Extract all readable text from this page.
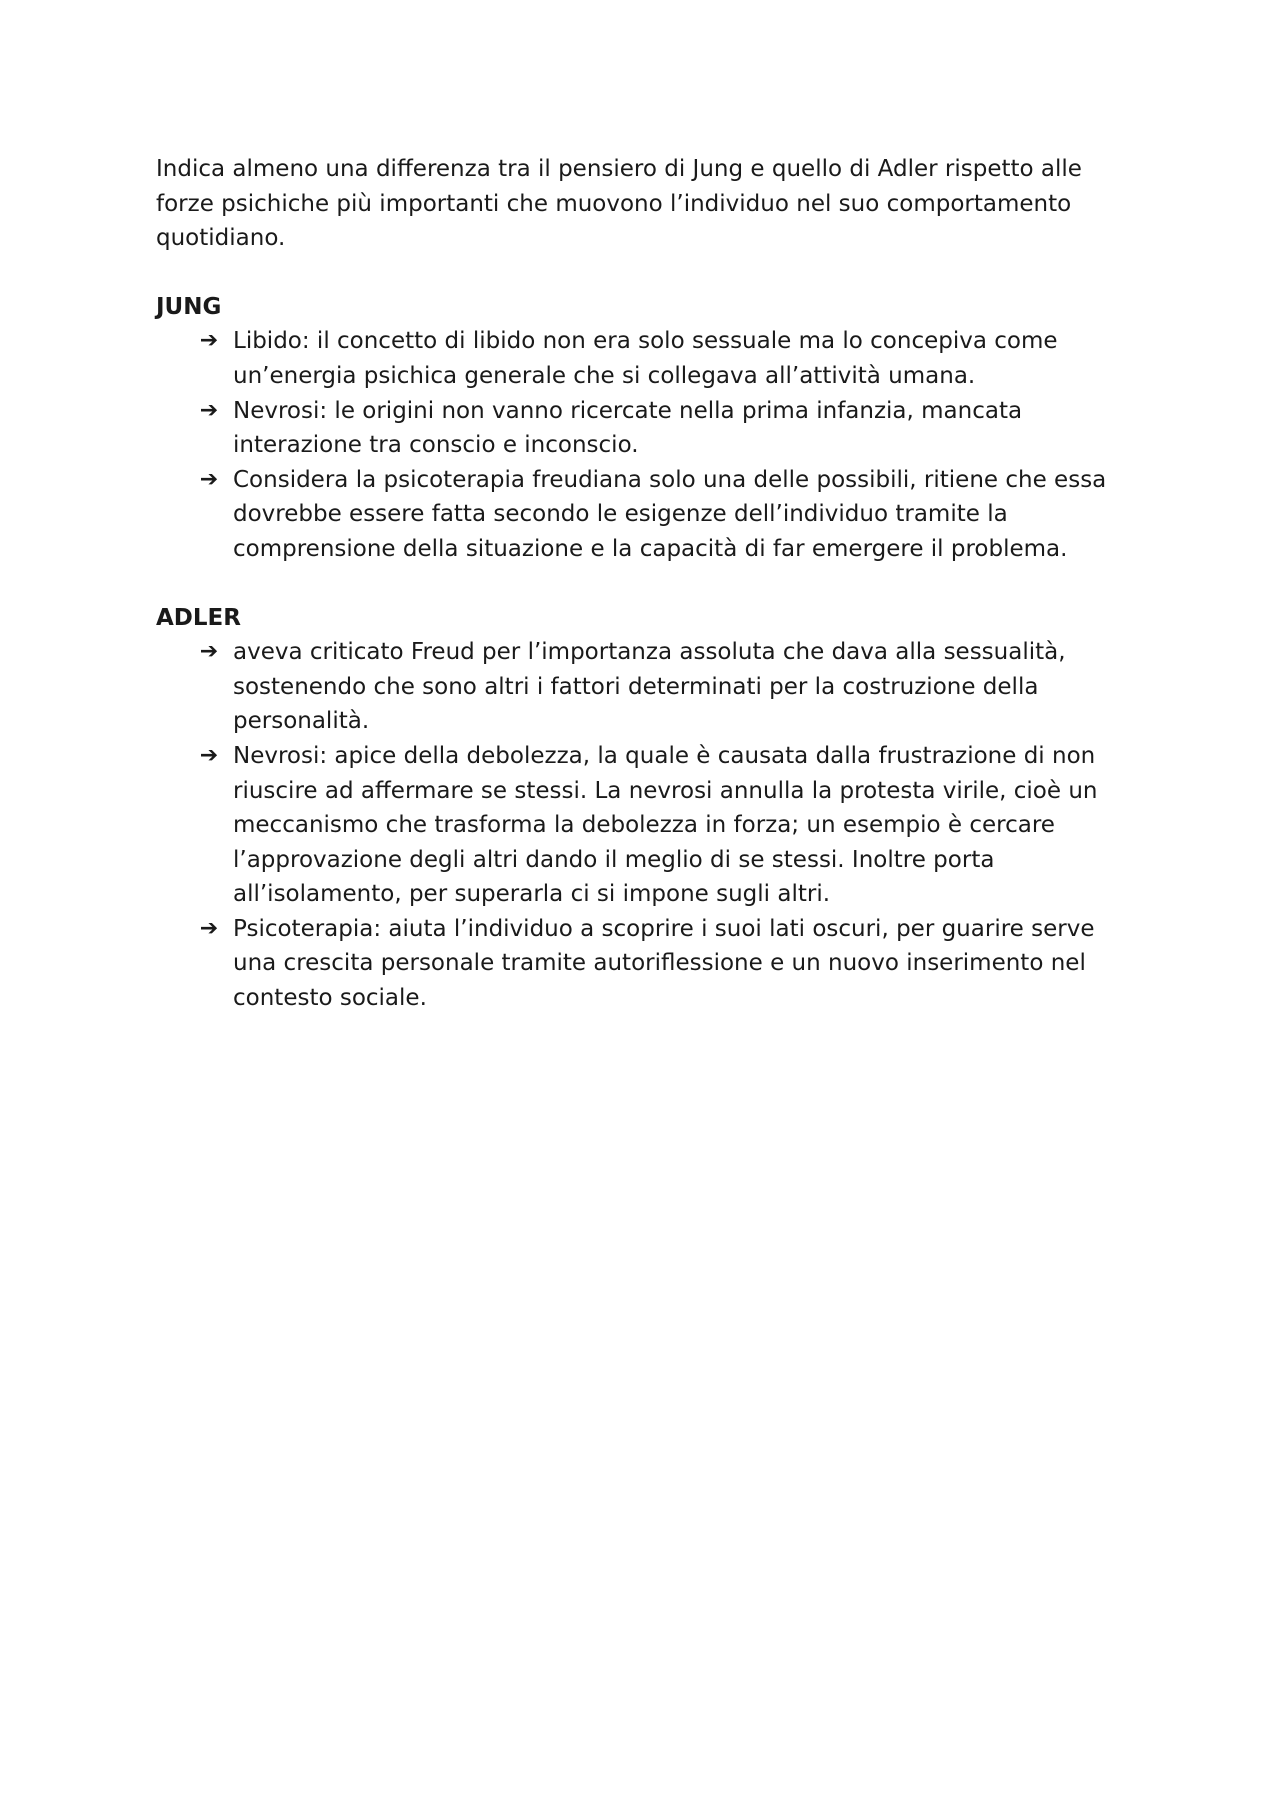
Indica almeno una differenza tra il pensiero di Jung e quello di Adler rispetto alle forze psichiche più importanti che muovono l’individuo nel suo comportamento quotidiano.

JUNG

➔ Libido: il concetto di libido non era solo sessuale ma lo concepiva come un’energia psichica generale che si collegava all’attività umana.
➔ Nevrosi: le origini non vanno ricercate nella prima infanzia, mancata interazione tra conscio e inconscio.
➔ Considera la psicoterapia freudiana solo una delle possibili, ritiene che essa dovrebbe essere fatta secondo le esigenze dell’individuo tramite la comprensione della situazione e la capacità di far emergere il problema.

ADLER

➔ aveva criticato Freud per l’importanza assoluta che dava alla sessualità, sostenendo che sono altri i fattori determinati per la costruzione della personalità.
➔ Nevrosi: apice della debolezza, la quale è causata dalla frustrazione di non riuscire ad affermare se stessi. La nevrosi annulla la protesta virile, cioè un meccanismo che trasforma la debolezza in forza; un esempio è cercare l’approvazione degli altri dando il meglio di se stessi. Inoltre porta all’isolamento, per superarla ci si impone sugli altri.
➔ Psicoterapia: aiuta l’individuo a scoprire i suoi lati oscuri, per guarire serve una crescita personale tramite autoriflessione e un nuovo inserimento nel contesto sociale.
